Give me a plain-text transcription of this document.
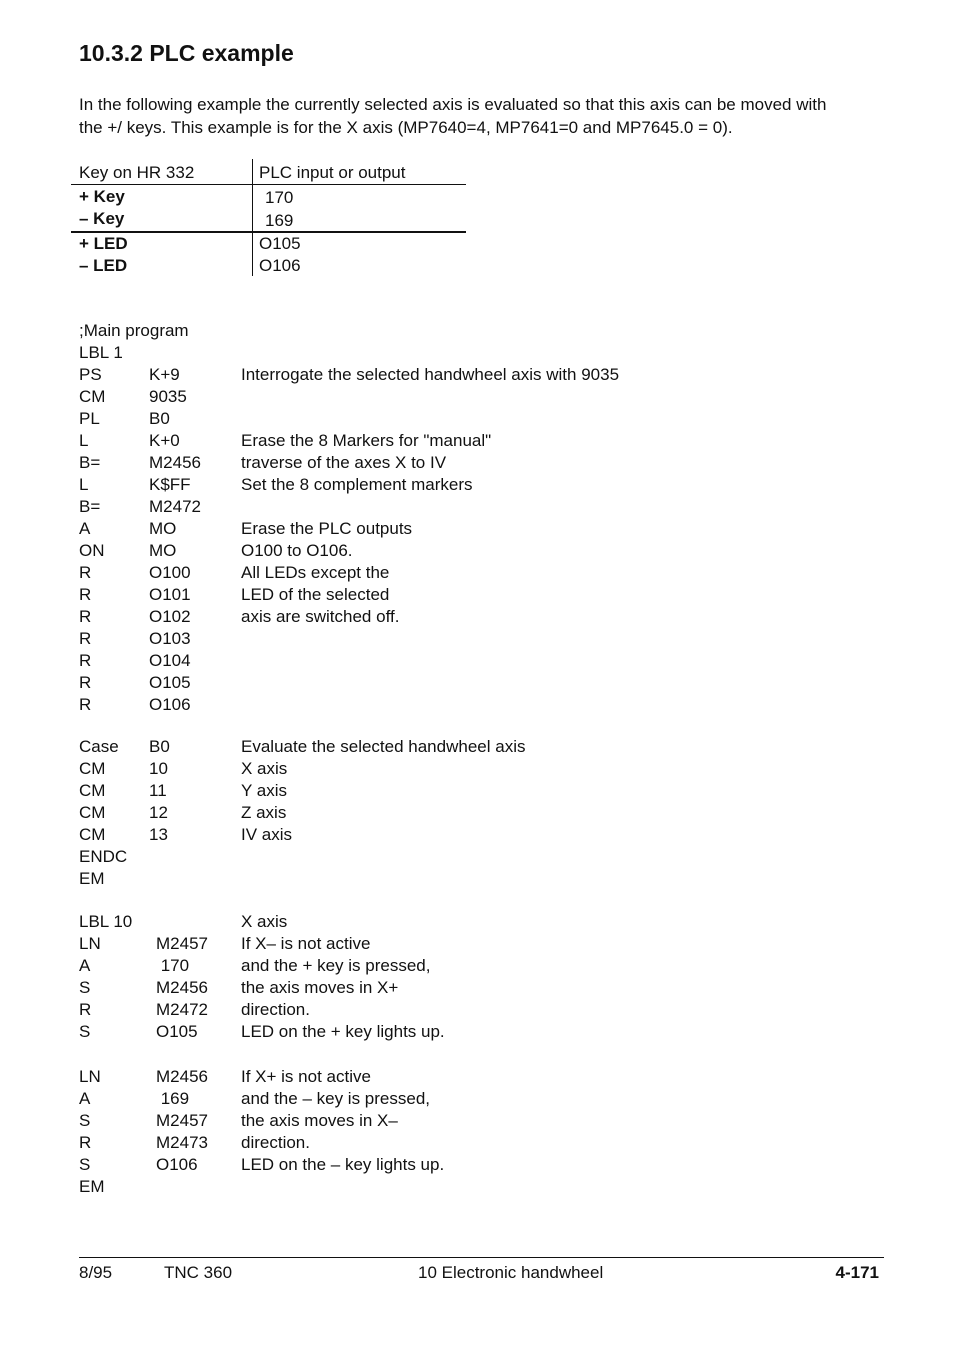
10.3.2 PLC example

In the following example the currently selected axis is evaluated so that this axis can be moved with

the +/ keys. This example is for the X axis (MP7640=4, MP7641=0 and MP7645.0 = 0).

Key on HR 332	PLC input or output
+ Key	170
– Key	169
+ LED	O105
– LED	O106
;Main program
LBL 1
PS	K+9	Interrogate the selected handwheel axis with 9035
CM	9035
PL	B0
L	K+0	Erase the 8 Markers for "manual"
B=	M2456 traverse of the axes X to IV
L	K$FF	Set the 8 complement markers
B=	M2472
A	MO	Erase the PLC outputs
ON	MO	O100 to O106.
R	O100	All LEDs except the
R	O101	LED of the selected
R	O102	axis are switched off.
R	O103
R	O104
R	O105
R	O106
Case B0	Evaluate the selected handwheel axis
CM	10	X axis
CM	11	Y axis
CM	12	Z axis
CM	13	IV axis
ENDC
EM
LBL 10	X axis
LN	M2457 If X– is not active
A	170	and the + key is pressed,
S	M2456 the axis moves in X+
R	M2472 direction.
S	O105	LED on the + key lights up.
LN	M2456 If X+ is not active
A	169	and the – key is pressed,
S	M2457 the axis moves in X–
R	M2473 direction.
S	O106	LED on the – key lights up.
EM
8/95	TNC 360	10 Electronic handwheel	4-171
